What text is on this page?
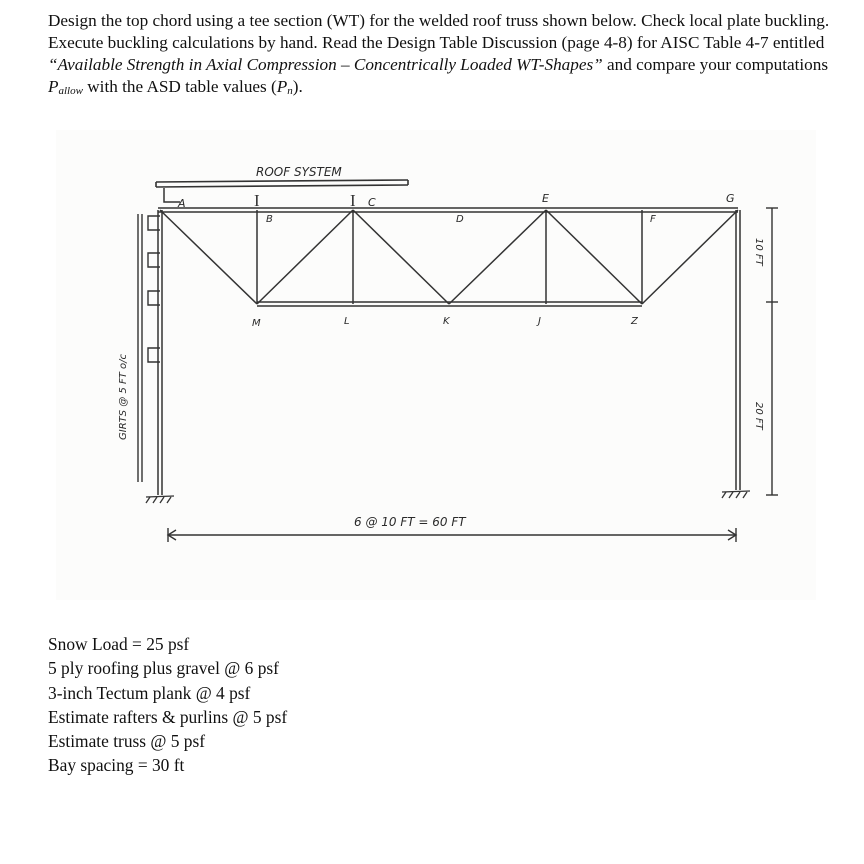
Design the top chord using a tee section (WT) for the welded roof truss shown below. Check local plate buckling. Execute buckling calculations by hand. Read the Design Table Discussion (page 4-8) for AISC Table 4-7 entitled “Available Strength in Axial Compression – Concentrically Loaded WT-Shapes” and compare your computations $P_{allow}$ with the ASD table values $(P_n)$.

ROOF SYSTEM
I	I
A
B
C
D
E
F
G
M	L	K	J	Z
GIRTS @ 5 FT o/c
6 @ 10 FT = 60 FT
10 FT
20 FT
Snow Load = 25 psf
5 ply roofing plus gravel @ 6 psf
3-inch Tectum plank @ 4 psf
Estimate rafters & purlins @ 5 psf
Estimate truss @ 5 psf
Bay spacing = 30 ft
